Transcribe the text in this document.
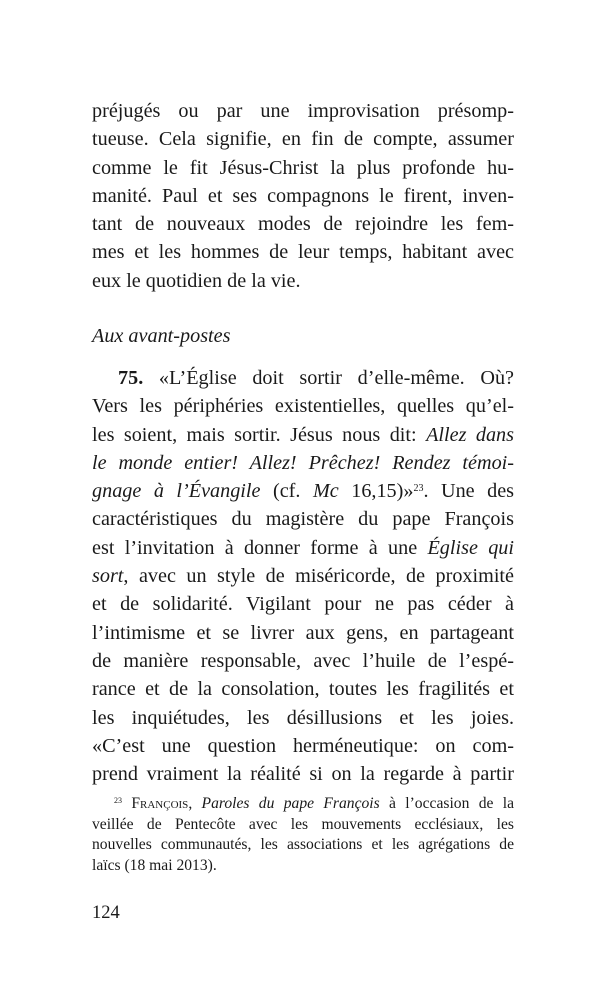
préjugés ou par une improvisation présomp-
tueuse. Cela signifie, en fin de compte, assumer
comme le fit Jésus-Christ la plus profonde hu-
manité. Paul et ses compagnons le firent, inven-
tant de nouveaux modes de rejoindre les fem-
mes et les hommes de leur temps, habitant avec
eux le quotidien de la vie.
Aux avant-postes
75. «L’Église doit sortir d’elle-même. Où?
Vers les périphéries existentielles, quelles qu’el-
les soient, mais sortir. Jésus nous dit: Allez dans
le monde entier! Allez! Prêchez! Rendez témoi-
gnage à l’Évangile (cf. Mc 16,15)»$^{23}$. Une des
caractéristiques du magistère du pape François
est l’invitation à donner forme à une Église qui
sort, avec un style de miséricorde, de proximité
et de solidarité. Vigilant pour ne pas céder à
l’intimisme et se livrer aux gens, en partageant
de manière responsable, avec l’huile de l’espé-
rance et de la consolation, toutes les fragilités et
les inquiétudes, les désillusions et les joies.
«C’est une question herméneutique: on com-
prend vraiment la réalité si on la regarde à partir
$^{23}$ François, Paroles du pape François à l’occasion de la
veillée de Pentecôte avec les mouvements ecclésiaux, les
nouvelles communautés, les associations et les agrégations de
laïcs (18 mai 2013).
124
